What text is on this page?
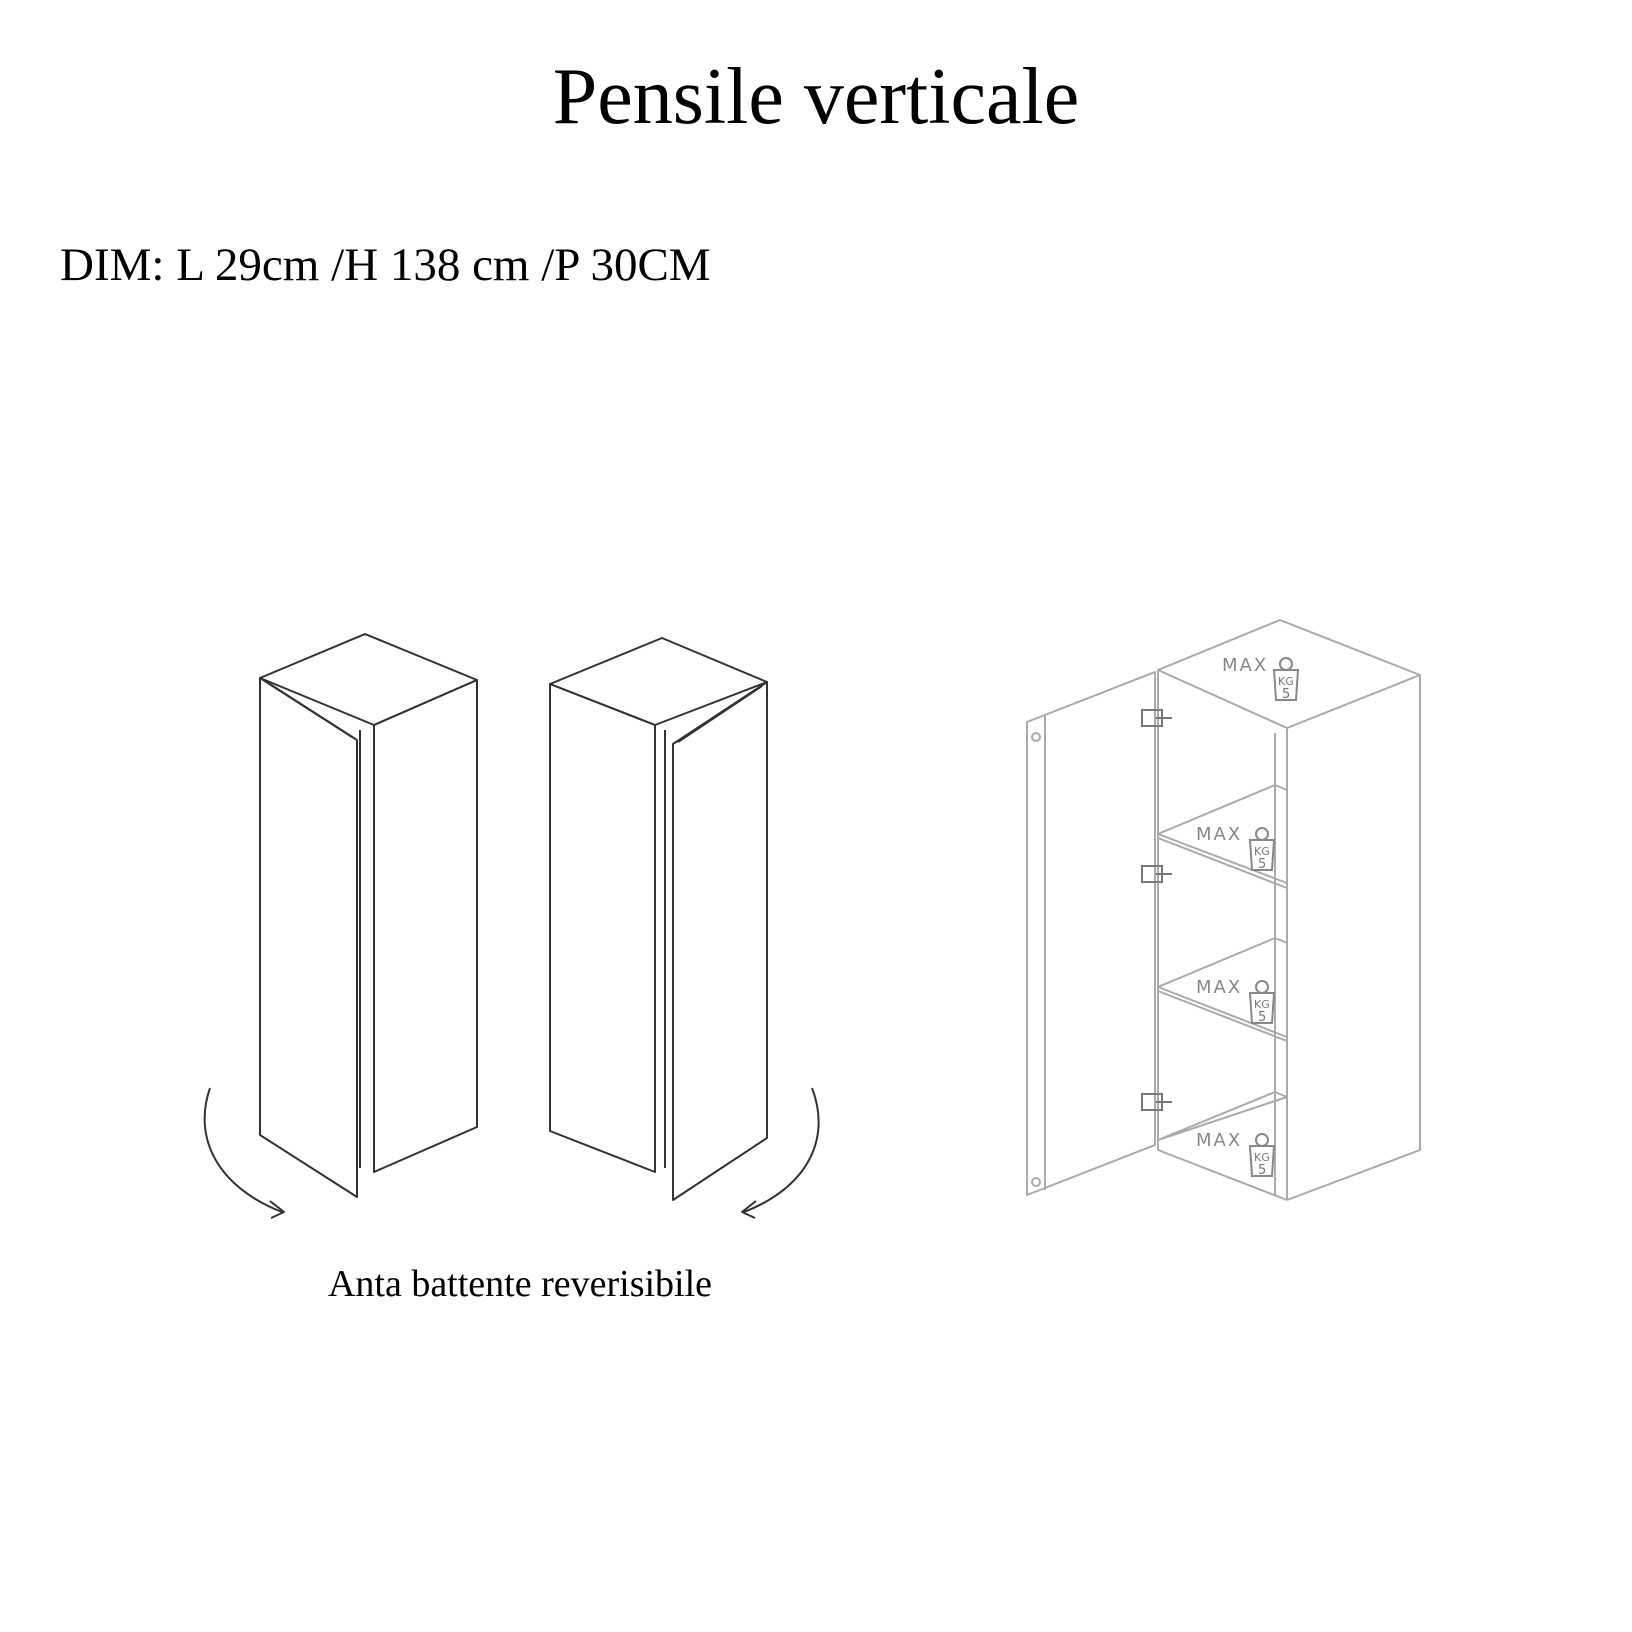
Pensile verticale
DIM: L 29cm /H 138 cm /P 30CM
MAX
KG
5
MAX
KG
5
MAX
KG
5
MAX
KG
5
Anta battente reverisibile
